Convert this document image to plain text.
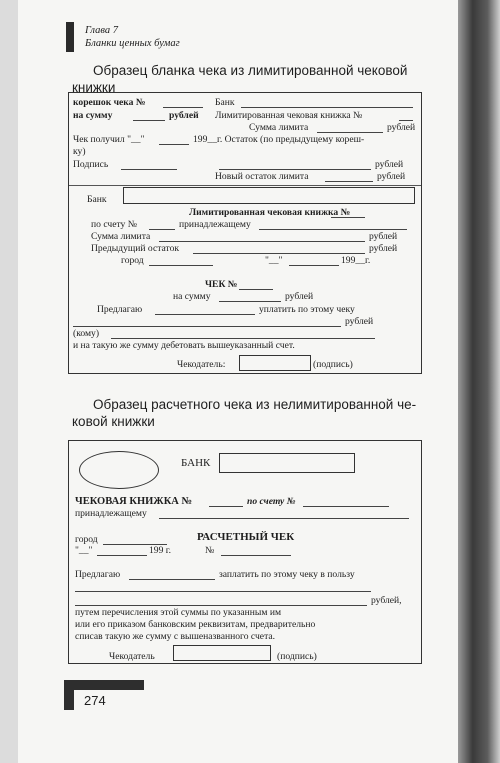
Глава 7
Бланки ценных бумаг
Образец бланка чека из лимитированной чековой
книжки
корешок чека №	Банк
на сумму	рублей Лимитированная чековая книжка №
Сумма лимита	рублей
Чек получил "__"	199__г. Остаток (по предыдущему кореш-
ку)
Подпись	рублей
Новый остаток лимита	рублей
Банк
Лимитированная чековая книжка №
по счету №	принадлежащему
Сумма лимита	рублей
Предыдущий остаток	рублей
город	"__"	199__г.
ЧЕК №
на сумму	рублей
Предлагаю	уплатить по этому чеку
рублей
(кому)
и на такую же сумму дебетовать вышеуказанный счет.
Чекодатель:	(подпись)
Образец расчетного чека из нелимитированной че-
ковой книжки
БАНК
ЧЕКОВАЯ КНИЖКА №	по счету №
принадлежащему
город	РАСЧЕТНЫЙ ЧЕК
"__"	199 г.	№
Предлагаю	заплатить по этому чеку в пользу
рублей,
путем перечисления этой суммы по указанным им
или его приказом банковским реквизитам, предварительно
списав такую же сумму с вышеназванного счета.
Чекодатель	(подпись)
274
